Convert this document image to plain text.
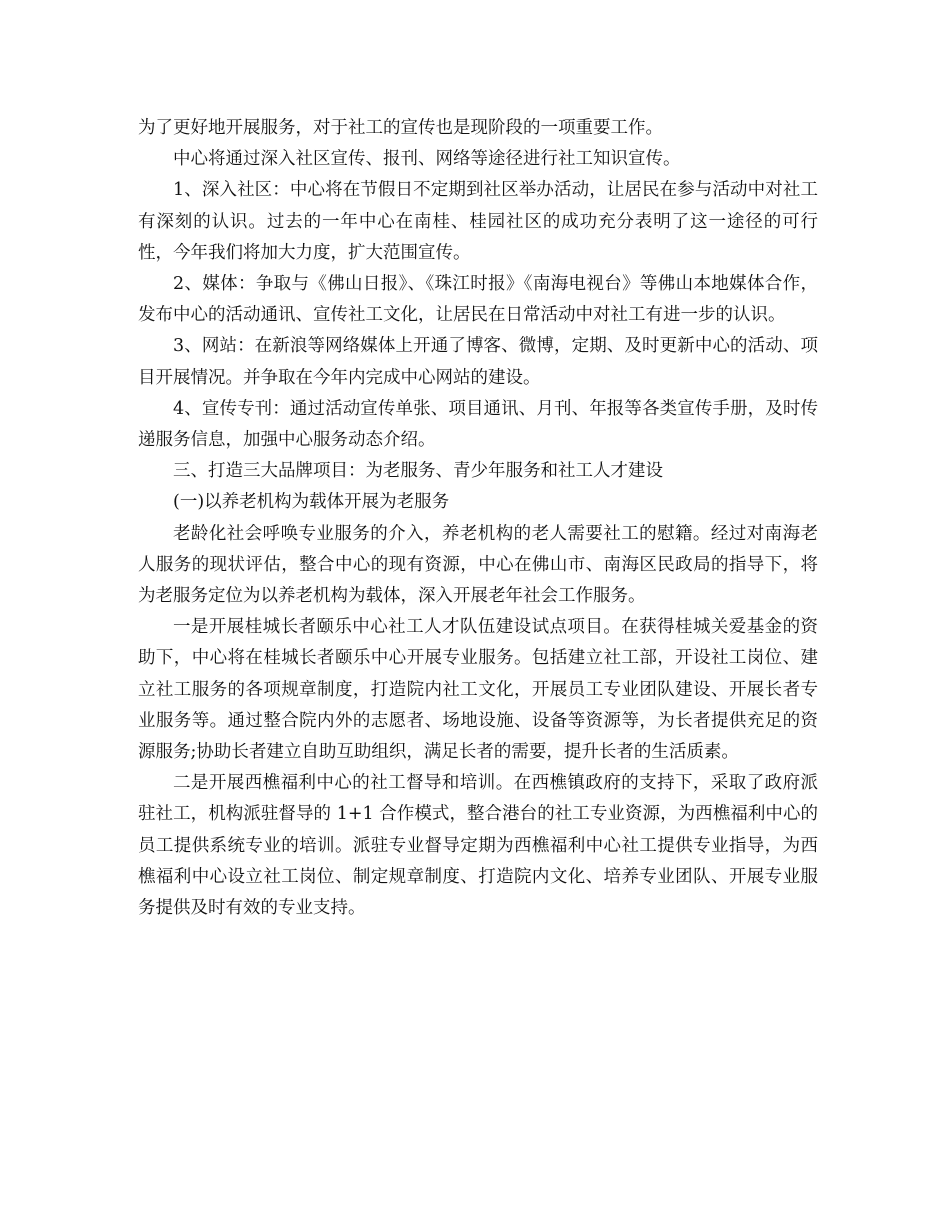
为了更好地开展服务，对于社工的宣传也是现阶段的一项重要工作。

中心将通过深入社区宣传、报刊、网络等途径进行社工知识宣传。

1、深入社区：中心将在节假日不定期到社区举办活动，让居民在参与活动中对社工有深刻的认识。过去的一年中心在南桂、桂园社区的成功充分表明了这一途径的可行性，今年我们将加大力度，扩大范围宣传。

2、媒体：争取与《佛山日报》、《珠江时报》《南海电视台》等佛山本地媒体合作，发布中心的活动通讯、宣传社工文化，让居民在日常活动中对社工有进一步的认识。

3、网站：在新浪等网络媒体上开通了博客、微博，定期、及时更新中心的活动、项目开展情况。并争取在今年内完成中心网站的建设。

4、宣传专刊：通过活动宣传单张、项目通讯、月刊、年报等各类宣传手册，及时传递服务信息，加强中心服务动态介绍。

三、打造三大品牌项目：为老服务、青少年服务和社工人才建设

(一)以养老机构为载体开展为老服务

老龄化社会呼唤专业服务的介入，养老机构的老人需要社工的慰籍。经过对南海老人服务的现状评估，整合中心的现有资源，中心在佛山市、南海区民政局的指导下，将为老服务定位为以养老机构为载体，深入开展老年社会工作服务。

一是开展桂城长者颐乐中心社工人才队伍建设试点项目。在获得桂城关爱基金的资助下，中心将在桂城长者颐乐中心开展专业服务。包括建立社工部，开设社工岗位、建立社工服务的各项规章制度，打造院内社工文化，开展员工专业团队建设、开展长者专业服务等。通过整合院内外的志愿者、场地设施、设备等资源等，为长者提供充足的资源服务;协助长者建立自助互助组织，满足长者的需要，提升长者的生活质素。

二是开展西樵福利中心的社工督导和培训。在西樵镇政府的支持下，采取了政府派驻社工，机构派驻督导的 1+1 合作模式，整合港台的社工专业资源，为西樵福利中心的员工提供系统专业的培训。派驻专业督导定期为西樵福利中心社工提供专业指导，为西樵福利中心设立社工岗位、制定规章制度、打造院内文化、培养专业团队、开展专业服务提供及时有效的专业支持。
